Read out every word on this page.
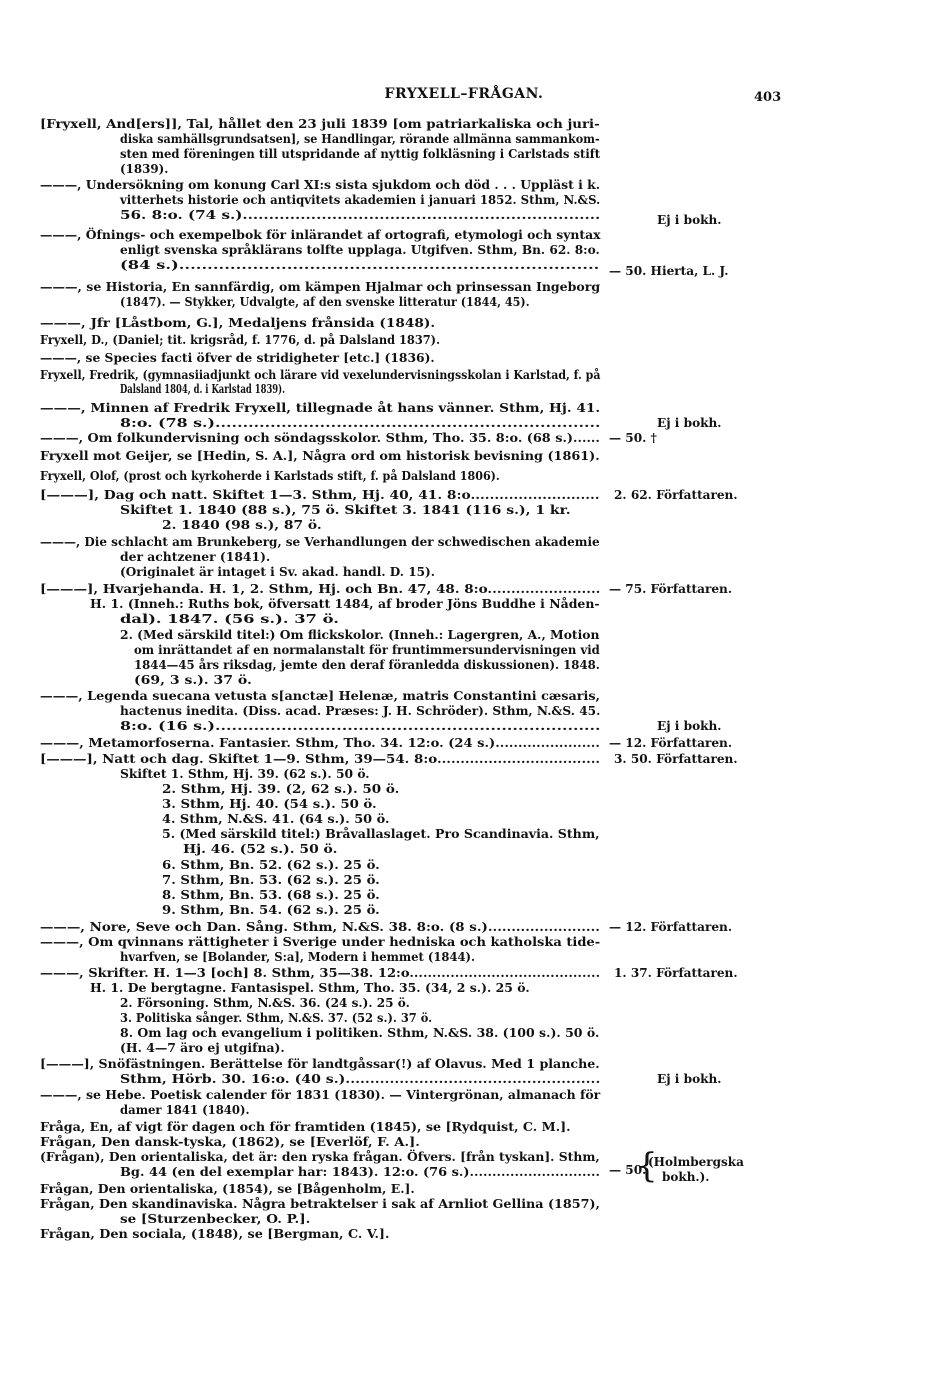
FRYXELL–FRÅGAN.	403
[Fryxell, And[ers]], Tal, hållet den 23 juli 1839 [om patriarkaliska och juri-
diska samhällsgrundsatsen], se Handlingar, rörande allmänna sammankom-
sten med föreningen till utspridande af nyttig folkläsning i Carlstads stift
(1839).
———, Undersökning om konung Carl XI:s sista sjukdom och död . . . Uppläst i k.
vitterhets historie och antiqvitets akademien i januari 1852. Sthm, N.&S.
56. 8:o. (74 s.)....................................................................
———, Öfnings- och exempelbok för inlärandet af ortografi, etymologi och syntax
enligt svenska språklärans tolfte upplaga. Utgifven. Sthm, Bn. 62. 8:o.
(84 s.)..........................................................................
———, se Historia, En sannfärdig, om kämpen Hjalmar och prinsessan Ingeborg
(1847). — Stykker, Udvalgte, af den svenske litteratur (1844, 45).
———, Jfr [Låstbom, G.], Medaljens frånsida (1848).
Fryxell, D., (Daniel; tit. krigsråd, f. 1776, d. på Dalsland 1837).
———, se Species facti öfver de stridigheter [etc.] (1836).
Fryxell, Fredrik, (gymnasiiadjunkt och lärare vid vexelundervisningsskolan i Karlstad, f. på
Dalsland 1804, d. i Karlstad 1839).
———, Minnen af Fredrik Fryxell, tillegnade åt hans vänner. Sthm, Hj. 41.
8:o. (78 s.)......................................................................
———, Om folkundervisning och söndagsskolor. Sthm, Tho. 35. 8:o. (68 s.)......
Fryxell mot Geijer, se [Hedin, S. A.], Några ord om historisk bevisning (1861).
Fryxell, Olof, (prost och kyrkoherde i Karlstads stift, f. på Dalsland 1806).
[———], Dag och natt. Skiftet 1—3. Sthm, Hj. 40, 41. 8:o...........................
Skiftet 1. 1840 (88 s.), 75 ö. Skiftet 3. 1841 (116 s.), 1 kr.
2. 1840 (98 s.), 87 ö.
———, Die schlacht am Brunkeberg, se Verhandlungen der schwedischen akademie
der achtzener (1841).
(Originalet är intaget i Sv. akad. handl. D. 15).
[———], Hvarjehanda. H. 1, 2. Sthm, Hj. och Bn. 47, 48. 8:o........................
H. 1. (Inneh.: Ruths bok, öfversatt 1484, af broder Jöns Buddhe i Nåden-
dal). 1847. (56 s.). 37 ö.
2. (Med särskild titel:) Om flickskolor. (Inneh.: Lagergren, A., Motion
om inrättandet af en normalanstalt för fruntimmersundervisningen vid
1844—45 års riksdag, jemte den deraf föranledda diskussionen). 1848.
(69, 3 s.). 37 ö.
———, Legenda suecana vetusta s[anctæ] Helenæ, matris Constantini cæsaris,
hactenus inedita. (Diss. acad. Præses: J. H. Schröder). Sthm, N.&S. 45.
8:o. (16 s.)......................................................................
———, Metamorfoserna. Fantasier. Sthm, Tho. 34. 12:o. (24 s.).......................
[———], Natt och dag. Skiftet 1—9. Sthm, 39—54. 8:o...................................
Skiftet 1. Sthm, Hj. 39. (62 s.). 50 ö.
2. Sthm, Hj. 39. (2, 62 s.). 50 ö.
3. Sthm, Hj. 40. (54 s.). 50 ö.
4. Sthm, N.&S. 41. (64 s.). 50 ö.
5. (Med särskild titel:) Bråvallaslaget. Pro Scandinavia. Sthm,
Hj. 46. (52 s.). 50 ö.
6. Sthm, Bn. 52. (62 s.). 25 ö.
7. Sthm, Bn. 53. (62 s.). 25 ö.
8. Sthm, Bn. 53. (68 s.). 25 ö.
9. Sthm, Bn. 54. (62 s.). 25 ö.
———, Nore, Seve och Dan. Sång. Sthm, N.&S. 38. 8:o. (8 s.)........................
———, Om qvinnans rättigheter i Sverige under hedniska och katholska tide-
hvarfven, se [Bolander, S:a], Modern i hemmet (1844).
———, Skrifter. H. 1—3 [och] 8. Sthm, 35—38. 12:o..........................................
H. 1. De bergtagne. Fantasispel. Sthm, Tho. 35. (34, 2 s.). 25 ö.
2. Försoning. Sthm, N.&S. 36. (24 s.). 25 ö.
3. Politiska sånger. Sthm, N.&S. 37. (52 s.). 37 ö.
8. Om lag och evangelium i politiken. Sthm, N.&S. 38. (100 s.). 50 ö.
(H. 4—7 äro ej utgifna).
[———], Snöfästningen. Berättelse för landtgåssar(!) af Olavus. Med 1 planche.
Sthm, Hörb. 30. 16:o. (40 s.)....................................................
———, se Hebe. Poetisk calender för 1831 (1830). — Vintergrönan, almanach för
damer 1841 (1840).
Fråga, En, af vigt för dagen och för framtiden (1845), se [Rydquist, C. M.].
Frågan, Den dansk-tyska, (1862), se [Everlöf, F. A.].
(Frågan), Den orientaliska, det är: den ryska frågan. Öfvers. [från tyskan]. Sthm,
Bg. 44 (en del exemplar har: 1843). 12:o. (76 s.).............................
Frågan, Den orientaliska, (1854), se [Bågenholm, E.].
Frågan, Den skandinaviska. Några betraktelser i sak af Arnliot Gellina (1857),
se [Sturzenbecker, O. P.].
Frågan, Den sociala, (1848), se [Bergman, C. V.].
Ej i bokh.
— 50. Hierta, L. J.
Ej i bokh.
— 50. †
2. 62. Författaren.
— 75. Författaren.
Ej i bokh.
— 12. Författaren.
3. 50. Författaren.
— 12. Författaren.
1. 37. Författaren.
Ej i bokh.
— 50.
{
(Holmbergska
bokh.).
